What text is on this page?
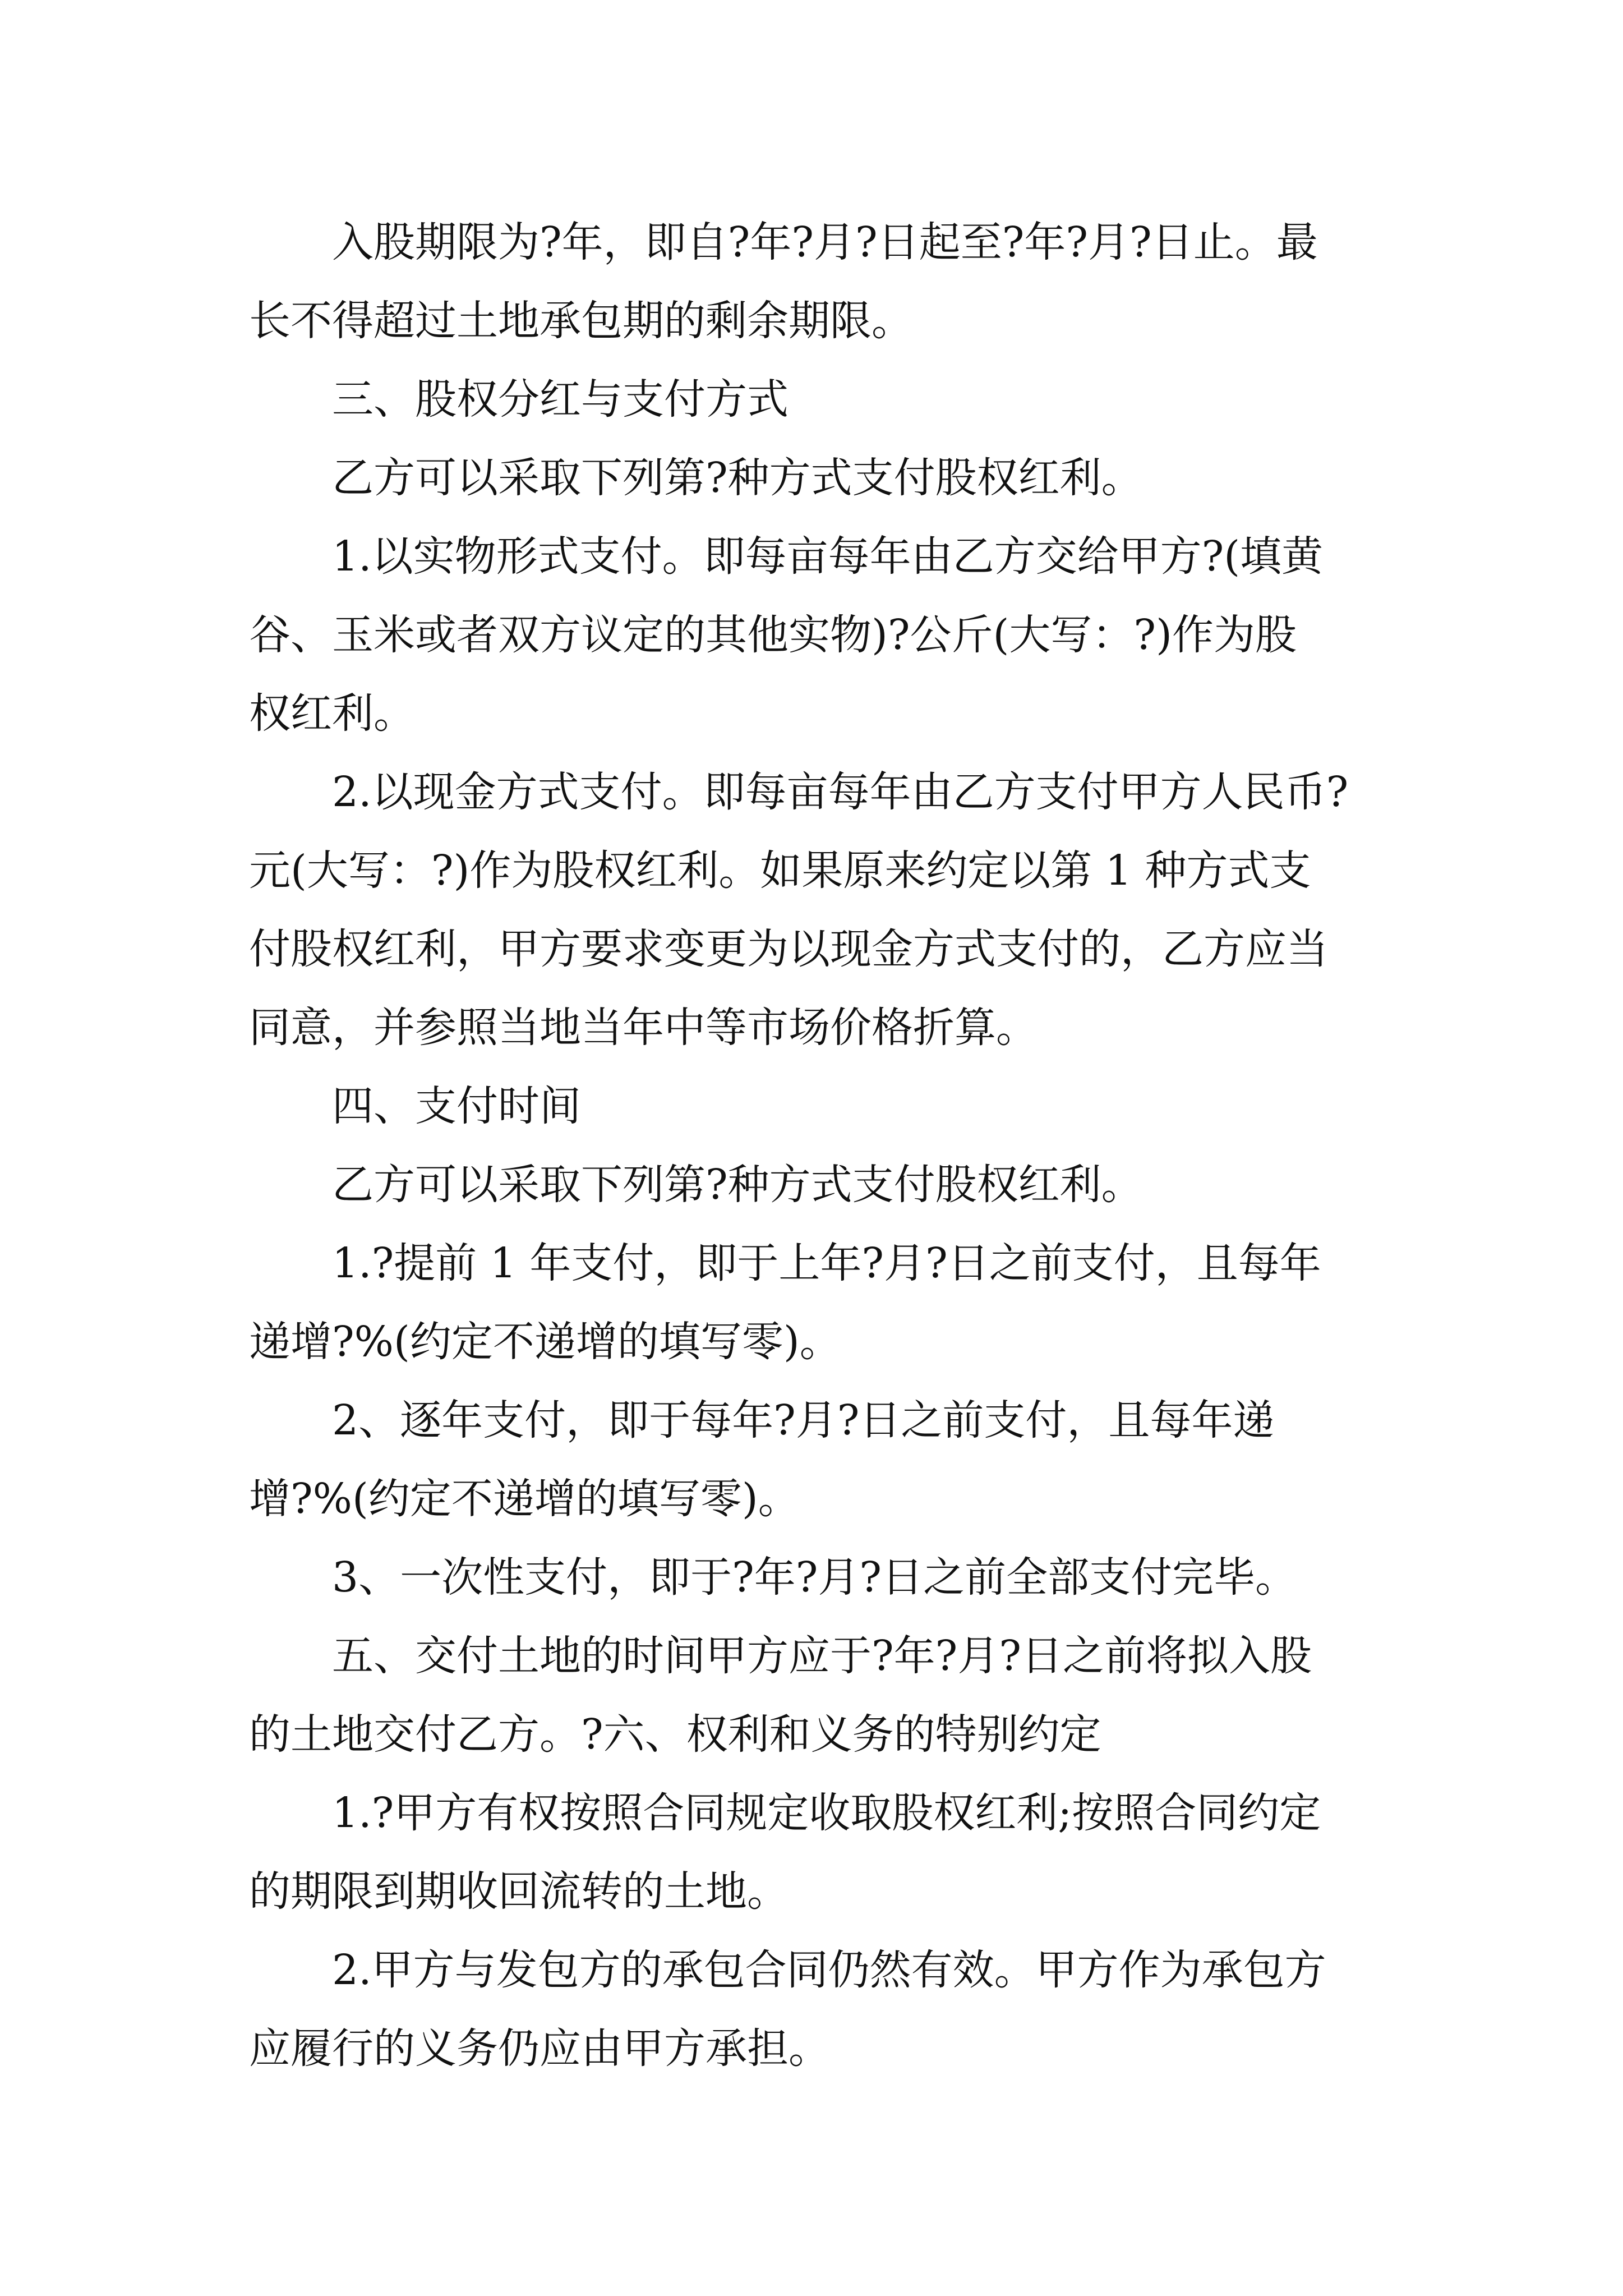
入股期限为?年，即自?年?月?日起至?年?月?日止。最
长不得超过土地承包期的剩余期限。
三、股权分红与支付方式
乙方可以采取下列第?种方式支付股权红利。
1.以实物形式支付。即每亩每年由乙方交给甲方?(填黄
谷、玉米或者双方议定的其他实物)?公斤(大写：?)作为股
权红利。
2.以现金方式支付。即每亩每年由乙方支付甲方人民币?
元(大写：?)作为股权红利。如果原来约定以第 1 种方式支
付股权红利，甲方要求变更为以现金方式支付的，乙方应当
同意，并参照当地当年中等市场价格折算。
四、支付时间
乙方可以采取下列第?种方式支付股权红利。
1.?提前 1 年支付，即于上年?月?日之前支付，且每年
递增?%(约定不递增的填写零)。
2、逐年支付，即于每年?月?日之前支付，且每年递
增?%(约定不递增的填写零)。
3、一次性支付，即于?年?月?日之前全部支付完毕。
五、交付土地的时间甲方应于?年?月?日之前将拟入股
的土地交付乙方。?六、权利和义务的特别约定
1.?甲方有权按照合同规定收取股权红利;按照合同约定
的期限到期收回流转的土地。
2.甲方与发包方的承包合同仍然有效。甲方作为承包方
应履行的义务仍应由甲方承担。
